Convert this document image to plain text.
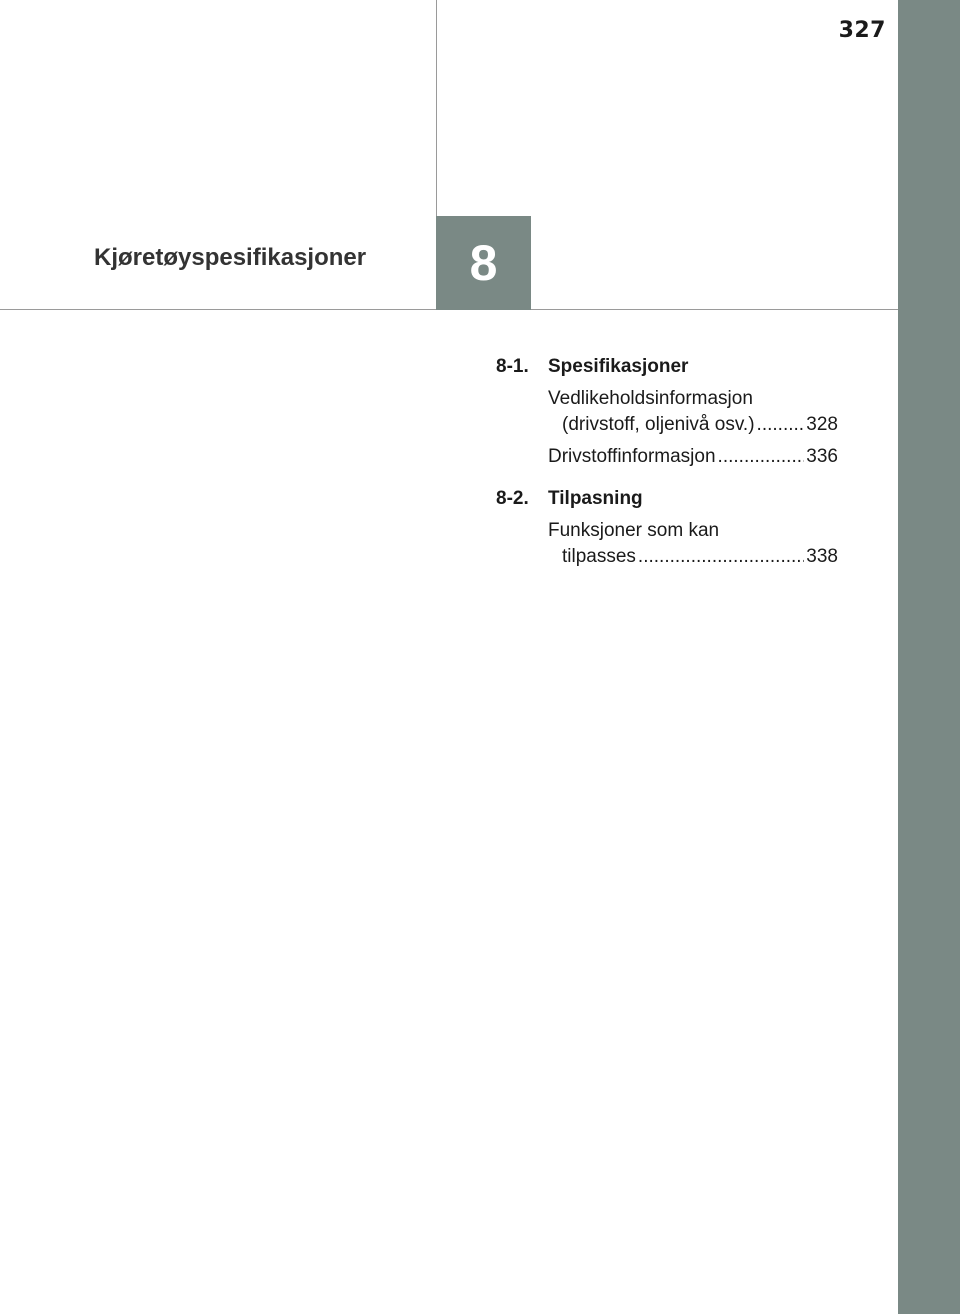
327
Kjøretøyspesifikasjoner	8
8-1.	Spesifikasjoner
Vedlikeholdsinformasjon
(drivstoff, oljenivå osv.) .....	328
Drivstoffinformasjon .....	336
8-2.	Tilpasning
Funksjoner som kan
tilpasses .....	338
